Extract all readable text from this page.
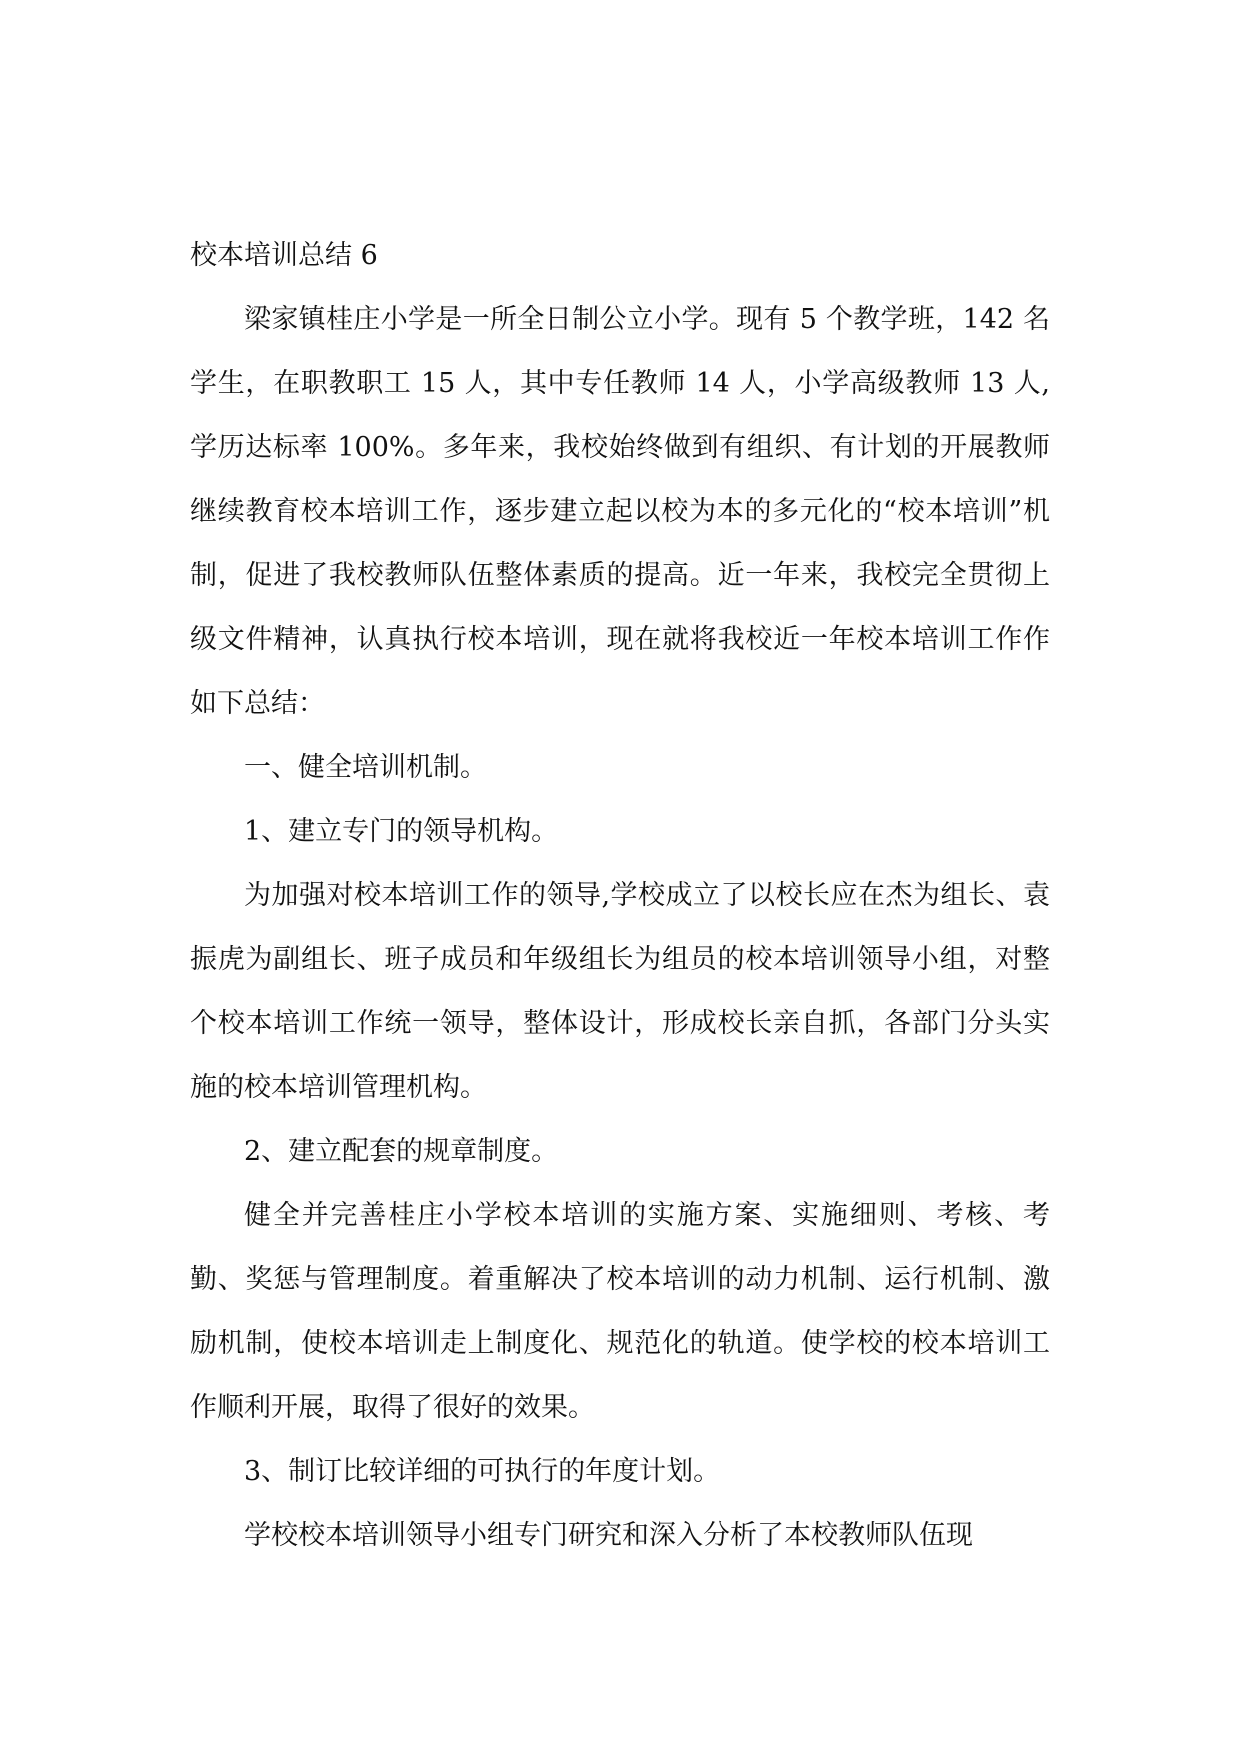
校本培训总结 6

梁家镇桂庄小学是一所全日制公立小学。现有 5 个教学班，142 名学生，在职教职工 15 人，其中专任教师 14 人，小学高级教师 13 人,学历达标率 100%。多年来，我校始终做到有组织、有计划的开展教师继续教育校本培训工作，逐步建立起以校为本的多元化的“校本培训”机制，促进了我校教师队伍整体素质的提高。近一年来，我校完全贯彻上级文件精神，认真执行校本培训，现在就将我校近一年校本培训工作作如下总结：

一、健全培训机制。

1、建立专门的领导机构。

为加强对校本培训工作的领导,学校成立了以校长应在杰为组长、袁振虎为副组长、班子成员和年级组长为组员的校本培训领导小组，对整个校本培训工作统一领导，整体设计，形成校长亲自抓，各部门分头实施的校本培训管理机构。

2、建立配套的规章制度。

健全并完善桂庄小学校本培训的实施方案、实施细则、考核、考勤、奖惩与管理制度。着重解决了校本培训的动力机制、运行机制、激励机制，使校本培训走上制度化、规范化的轨道。使学校的校本培训工作顺利开展，取得了很好的效果。

3、制订比较详细的可执行的年度计划。

学校校本培训领导小组专门研究和深入分析了本校教师队伍现
